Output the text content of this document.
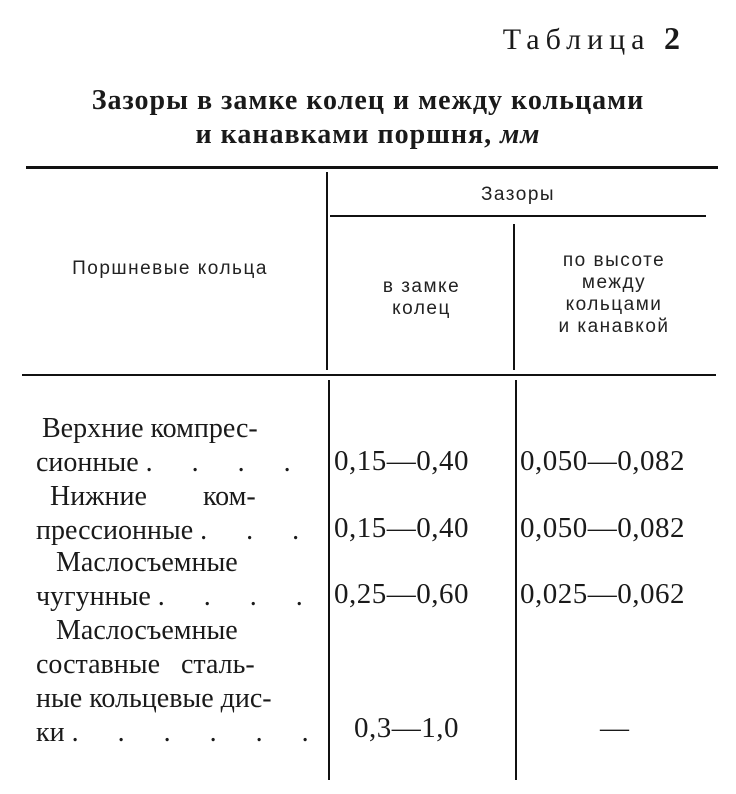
Таблица 2
Зазоры в замке колец и между кольцами
и канавками поршня, мм
Поршневые кольца
Зазоры
в замке
колец
по высоте
между
кольцами
и канавкой
Верхние компрес-
сионные . . . . 0,15—0,40 0,050—0,082
Нижние        ком-
прессионные . . . 0,15—0,40 0,050—0,082
Маслосъемные
чугунные . . . . 0,25—0,60 0,025—0,062
Маслосъемные
составные   сталь-
ные кольцевые дис-
ки . . . . . . 0,3—1,0	—
